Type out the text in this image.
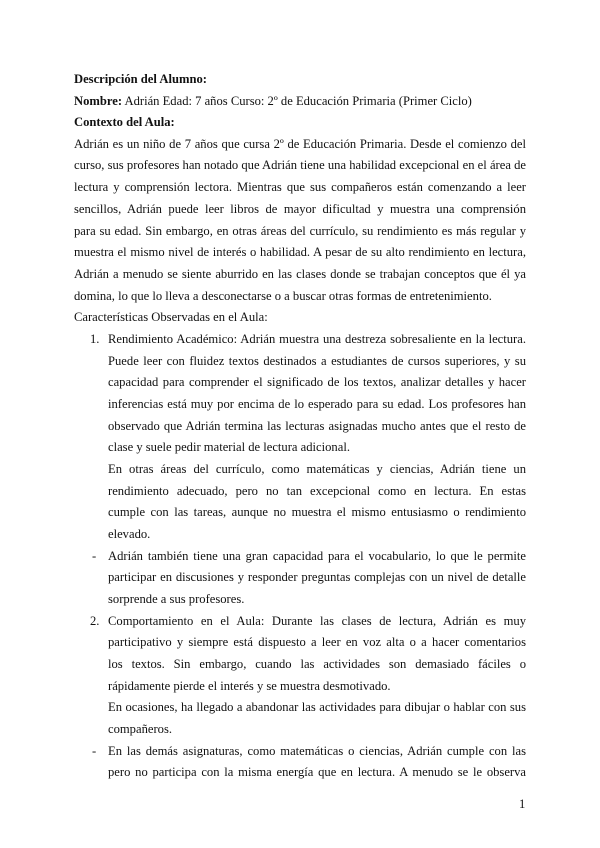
Descripción del Alumno:
Nombre: Adrián Edad: 7 años Curso: 2º de Educación Primaria (Primer Ciclo)
Contexto del Aula:
Adrián es un niño de 7 años que cursa 2º de Educación Primaria. Desde el comienzo del
curso, sus profesores han notado que Adrián tiene una habilidad excepcional en el área de
lectura y comprensión lectora. Mientras que sus compañeros están comenzando a leer
sencillos, Adrián puede leer libros de mayor dificultad y muestra una comprensión
para su edad. Sin embargo, en otras áreas del currículo, su rendimiento es más regular y
muestra el mismo nivel de interés o habilidad. A pesar de su alto rendimiento en lectura,
Adrián a menudo se siente aburrido en las clases donde se trabajan conceptos que él ya
domina, lo que lo lleva a desconectarse o a buscar otras formas de entretenimiento.
Características Observadas en el Aula:
1. Rendimiento Académico: Adrián muestra una destreza sobresaliente en la lectura.
Puede leer con fluidez textos destinados a estudiantes de cursos superiores, y su
capacidad para comprender el significado de los textos, analizar detalles y hacer
inferencias está muy por encima de lo esperado para su edad. Los profesores han
observado que Adrián termina las lecturas asignadas mucho antes que el resto de
clase y suele pedir material de lectura adicional.
En otras áreas del currículo, como matemáticas y ciencias, Adrián tiene un
rendimiento adecuado, pero no tan excepcional como en lectura. En estas
cumple con las tareas, aunque no muestra el mismo entusiasmo o rendimiento
elevado.
- Adrián también tiene una gran capacidad para el vocabulario, lo que le permite
participar en discusiones y responder preguntas complejas con un nivel de detalle
sorprende a sus profesores.
2. Comportamiento en el Aula: Durante las clases de lectura, Adrián es muy
participativo y siempre está dispuesto a leer en voz alta o a hacer comentarios
los textos. Sin embargo, cuando las actividades son demasiado fáciles o
rápidamente pierde el interés y se muestra desmotivado.
En ocasiones, ha llegado a abandonar las actividades para dibujar o hablar con sus
compañeros.
- En las demás asignaturas, como matemáticas o ciencias, Adrián cumple con las
pero no participa con la misma energía que en lectura. A menudo se le observa
1
